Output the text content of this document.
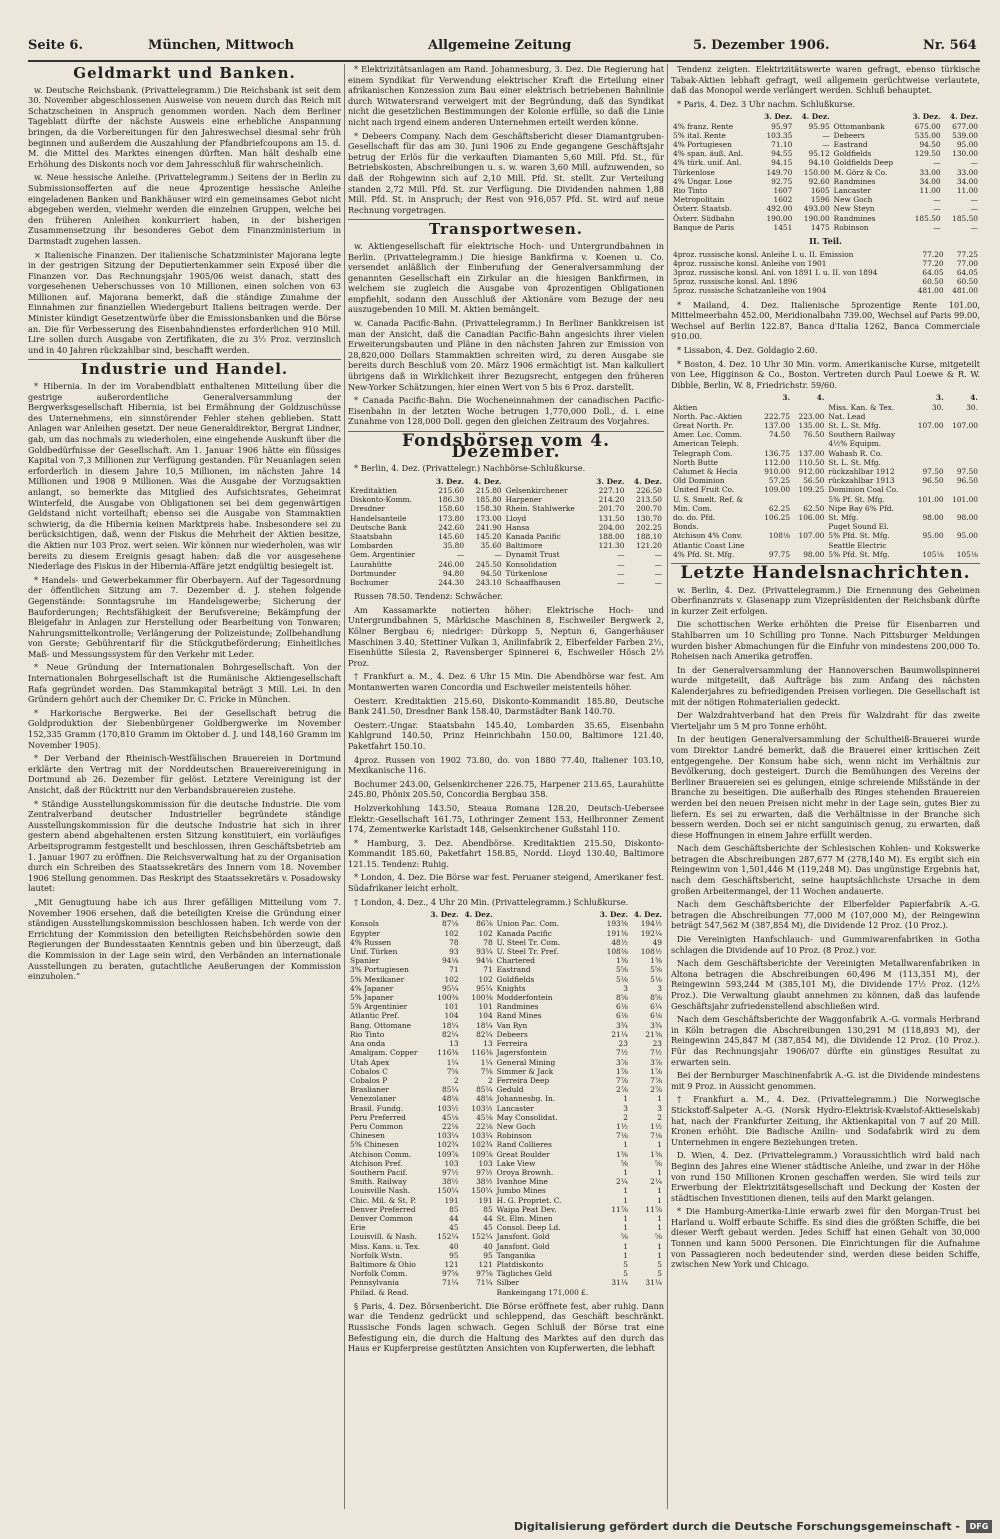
Seite 6.	München, Mittwoch	Allgemeine Zeitung	5. Dezember 1906.	Nr. 564
Geldmarkt und Banken.

w. Deutsche Reichsbank. (Privattelegramm.) Die Reichsbank ist seit dem 30. November abgeschlossenen Ausweise von neuem durch das Reich mit Schatzscheinen in Anspruch genommen worden. Nach dem Berliner Tageblatt dürfte der nächste Ausweis eine erhebliche Anspannung bringen, da die Vorbereitungen für den Jahreswechsel diesmal sehr früh beginnen und außerdem die Auszahlung der Pfandbriefcoupons am 15. d. M. die Mittel des Marktes einengen dürften. Man hält deshalb eine Erhöhung des Diskonts noch vor dem Jahresschluß für wahrscheinlich.

w. Neue hessische Anleihe. (Privattelegramm.) Seitens der in Berlin zu Submissionsofferten auf die neue 4prozentige hessische Anleihe eingeladenen Banken und Bankhäuser wird ein gemeinsames Gebot nicht abgegeben werden, vielmehr werden die einzelnen Gruppen, welche bei den früheren Anleihen konkurriert haben, in der bisherigen Zusammensetzung ihr besonderes Gebot dem Finanzministerium in Darmstadt zugehen lassen.

× Italienische Finanzen. Der italienische Schatzminister Majorana legte in der gestrigen Sitzung der Deputiertenkammer sein Exposé über die Finanzen vor. Das Rechnungsjahr 1905/06 weist danach, statt des vorgesehenen Ueberschusses von 10 Millionen, einen solchen von 63 Millionen auf. Majorana bemerkt, daß die ständige Zunahme der Einnahmen zur finanziellen Wiedergeburt Italiens beitragen werde. Der Minister kündigt Gesetzentwürfe über die Emissionsbanken und die Börse an. Die für Verbesserung des Eisenbahndienstes erforderlichen 910 Mill. Lire sollen durch Ausgabe von Zertifikaten, die zu 3½ Proz. verzinslich und in 40 Jahren rückzahlbar sind, beschafft werden.

Industrie und Handel.

* Hibernia. In der im Vorabendblatt enthaltenen Mitteilung über die gestrige außerordentliche Generalversammlung der Bergwerksgesellschaft Hibernia, ist bei Ermähnung der Goldzuschüsse des Unternehmens, ein sinnstörender Fehler stehen geblieben. Statt Anlagen war Anleihen gesetzt. Der neue Generaldirektor, Bergrat Lindner, gab, um das nochmals zu wiederholen, eine eingehende Auskunft über die Goldbedürfnisse der Gesellschaft. Am 1. Januar 1906 hätte ein flüssiges Kapital von 7,3 Millionen zur Verfügung gestanden. Für Neuanlagen seien erforderlich in diesem Jahre 10,5 Millionen, im nächsten Jahre 14 Millionen und 1908 9 Millionen. Was die Ausgabe der Vorzugsaktien anlangt, so bemerkte das Mitglied des Aufsichtsrates, Geheimrat Winterfeld, die Ausgabe von Obligationen sei bei dem gegenwärtigen Geldstand nicht vorteilhaft; ebenso sei die Ausgabe von Stammaktien schwierig, da die Hibernia keinen Marktpreis habe. Insbesondere sei zu berücksichtigen, daß, wenn der Fiskus die Mehrheit der Aktien besitze, die Aktien nur 103 Proz. wert seien. Wir können nur wiederholen, was wir bereits zu diesem Ereignis gesagt haben: daß die vor ausgesehene Niederlage des Fiskus in der Hibernia-Affäre jetzt endgültig besiegelt ist.

* Handels- und Gewerbekammer für Oberbayern. Auf der Tagesordnung der öffentlichen Sitzung am 7. Dezember d. J. stehen folgende Gegenstände: Sonntagsruhe im Handelsgewerbe; Sicherung der Bauforderungen; Rechtsfähigkeit der Berufsvereine; Bekämpfung der Bleigefahr in Anlagen zur Herstellung oder Bearbeitung von Tonwaren; Nahrungsmittelkontrolle; Verlängerung der Polizeistunde; Zollbehandlung von Gerste; Gebührentarif für die Stückgutbeförderung; Einheitliches Maß- und Messungssystem für den Verkehr mit Leder.

* Neue Gründung der Internationalen Bohrgesellschaft. Von der Internationalen Bohrgesellschaft ist die Rumänische Aktiengesellschaft Rafa gegründet worden. Das Stammkapital beträgt 3 Mill. Lei. In den Gründern gehört auch der Chemiker Dr. C. Fricke in München.

* Harkorische Bergwerke. Bei der Gesellschaft betrug die Goldproduktion der Siebenbürgener Goldbergwerke im November 152,335 Gramm (170,810 Gramm im Oktober d. J. und 148,160 Gramm im November 1905).

* Der Verband der Rheinisch-Westfälischen Brauereien in Dortmund erklärte den Vertrag mit der Norddeutschen Brauereivereinigung in Dortmund ab 26. Dezember für gelöst. Letztere Vereinigung ist der Ansicht, daß der Rücktritt nur den Verbandsbrauereien zustehe.

* Ständige Ausstellungskommission für die deutsche Industrie. Die vom Zentralverband deutscher Industrieller begründete ständige Ausstellungskommission für die deutsche Industrie hat sich in ihrer gestern abend abgehaltenen ersten Sitzung konstituiert, ein vorläufiges Arbeitsprogramm festgestellt und beschlossen, ihren Geschäftsbetrieb am 1. Januar 1907 zu eröffnen. Die Reichsverwaltung hat zu der Organisation durch ein Schreiben des Staatssekretärs des Innern vom 18. November 1906 Stellung genommen. Das Reskript des Staatssekretärs v. Posadowsky lautet:

„Mit Genugtuung habe ich aus Ihrer gefälligen Mitteilung vom 7. November 1906 ersehen, daß die beteiligten Kreise die Gründung einer ständigen Ausstellungskommission beschlossen haben. Ich werde von der Errichtung der Kommission den beteiligten Reichsbehörden sowie den Regierungen der Bundesstaaten Kenntnis geben und bin überzeugt, daß die Kommission in der Lage sein wird, den Verbänden an internationale Ausstellungen zu beraten, gutachtliche Aeußerungen der Kommission einzuholen.“

* Elektrizitätsanlagen am Rand. Johannesburg, 3. Dez. Die Regierung hat einem Syndikat für Verwendung elektrischer Kraft die Erteilung einer afrikanischen Konzession zum Bau einer elektrisch betriebenen Bahnlinie durch Witwatersrand verweigert mit der Begründung, daß das Syndikat nicht die gesetzlichen Bestimmungen der Kolonie erfülle, so daß die Linie nicht nach irgend einem anderen Unternehmen erteilt werden könne.

* Debeers Company. Nach dem Geschäftsbericht dieser Diamantgruben-Gesellschaft für das am 30. Juni 1906 zu Ende gegangene Geschäftsjahr betrug der Erlös für die verkauften Diamanten 5,60 Mill. Pfd. St., für Betriebskosten, Abschreibungen u. s. w. waren 3,60 Mill. aufzuwenden, so daß der Rohgewinn sich auf 2,10 Mill. Pfd. St. stellt. Zur Verteilung standen 2,72 Mill. Pfd. St. zur Verfügung. Die Dividenden nahmen 1,88 Mill. Pfd. St. in Anspruch; der Rest von 916,057 Pfd. St. wird auf neue Rechnung vorgetragen.

Transportwesen.

w. Aktiengesellschaft für elektrische Hoch- und Untergrundbahnen in Berlin. (Privattelegramm.) Die hiesige Bankfirma v. Koenen u. Co. versendet anläßlich der Einberufung der Generalversammlung der genannten Gesellschaft ein Zirkular an die hiesigen Bankfirmen, in welchem sie zugleich die Ausgabe von 4prozentigen Obligationen empfiehlt, sodann den Ausschluß der Aktionäre vom Bezuge der neu auszugebenden 10 Mill. M. Aktien bemängelt.

w. Canada Pacific-Bahn. (Privattelegramm.) In Berliner Bankkreisen ist man der Ansicht, daß die Canadian Pacific-Bahn angesichts ihrer vielen Erweiterungsbauten und Pläne in den nächsten Jahren zur Emission von 28,820,000 Dollars Stammaktien schreiten wird, zu deren Ausgabe sie bereits durch Beschluß vom 20. März 1906 ermächtigt ist. Man kalkuliert übrigens daß in Wirklichkeit ihrer Bezugsrecht, entgegen den früheren New-Yorker Schätzungen, hier einen Wert von 5 bis 6 Proz. darstellt.

* Canada Pacific-Bahn. Die Wocheneinnahmen der canadischen Pacific-Eisenbahn in der letzten Woche betrugen 1,770,000 Doll., d. i. eine Zunahme von 128,000 Doll. gegen den gleichen Zeitraum des Vorjahres.

Fondsbörsen vom 4. Dezember.

* Berlin, 4. Dez. (Privattelegr.) Nachbörse-Schlußkurse.

	3. Dez.	4. Dez.		3. Dez.	4. Dez.
Kreditaktien	215.60	215.80	Gelsenkirchener	227.10	226.50
Diskonto-Komm.	186.30	185.80	Harpener	214.20	213.50
Dresdner	158.60	158.30	Rhein. Stahlwerke	201.70	200.70
Handelsanteile	173.80	173.00	Lloyd	131.50	130.70
Deutsche Bank	242.60	241.90	Hansa	204.00	202.25
Staatsbahn	145.60	145.20	Kanada Pacific	188.00	188.10
Lombarden	35.80	35.60	Baltimore	121.30	121.20
Gem. Argentinier	—	—	Dynamit Trust	—	—
Laurahütte	246.00	245.50	Konsolidation	—	—
Dortmunder	94.80	94.50	Türkenlose	—	—
Bochumer	244.30	243.10	Schaaffhausen	—	—

Russen 78.50. Tendenz: Schwächer.

Am Kassamarkte notierten höher: Elektrische Hoch- und Untergrundbahnen 5, Märkische Maschinen 8, Eschweiler Bergwerk 2, Kölner Bergbau 6; niedriger: Dürkopp 5, Neptun 6, Gangerhäuser Maschinen 3.40, Stettiner Vulkan 3, Anilinfabrik 2, Elberfelder Farben 2½, Eisenhütte Silesia 2, Ravensberger Spinnerei 6, Eschweiler Hösch 2½ Proz.

† Frankfurt a. M., 4. Dez. 6 Uhr 15 Min. Die Abendbörse war fest. Am Montanwerten waren Concordia und Eschweiler meistenteils höher.

Oesterr. Kreditaktien 215.60, Diskonto-Kommandit 185.80, Deutsche Bank 241.50, Dresdner Bank 158.40, Darmstädter Bank 140.70.

Oesterr.-Ungar. Staatsbahn 145.40, Lombarden 35.65, Eisenbahn Kahlgrund 140.50, Prinz Heinrichbahn 150.00, Baltimore 121.40, Paketfahrt 150.10.

4proz. Russen von 1902 73.80, do. von 1880 77.40, Italiener 103.10, Mexikanische 116.

Bochumer 243.00, Gelsenkirchener 226.75, Harpener 213.65, Laurahütte 245.80, Phönix 205.50, Concordia Bergbau 358.

Holzverkohlung 143.50, Steaua Romana 128.20, Deutsch-Uebersee Elektr.-Gesellschaft 161.75, Lothringer Zement 153, Heilbronner Zement 174, Zementwerke Karlstadt 148, Gelsenkirchener Gußstahl 110.

* Hamburg, 3. Dez. Abendbörse. Kreditaktien 215.50, Diskonto-Kommandit 185.60, Paketfahrt 158.85, Nordd. Lloyd 130.40, Baltimore 121.15. Tendenz: Ruhig.

* London, 4. Dez. Die Börse war fest. Peruaner steigend, Amerikaner fest. Südafrikaner leicht erholt.

† London, 4. Dez., 4 Uhr 20 Min. (Privattelegramm.) Schlußkurse.

	3. Dez.	4. Dez.		3. Dez.	4. Dez.
Konsols	87⅛	86⅞	Union Pac. Com.	193⅜	194½
Egypter	102	102	Kanada Pacific	191⅜	192¼
4% Russen	78	78	U. Steel Tr. Com.	48½	49
Unif. Türken	93	93¼	U. Steel Tr. Pref.	108⅜	108½
Spanier	94⅛	94⅛	Chartered	1⅜	1⅜
3% Portugiesen	71	71	Eastrand	5⅝	5⅝
5% Mexikaner	102	102	Goldfields	5⅛	5⅛
4% Japaner	95¼	95¼	Knights	3	3
5% Japaner	100⅜	100⅜	Modderfontein	8⅝	8⅝
5% Argentinier	101	101	Randmines	6⅛	6¼
Atlantic Pref.	104	104	Rand Mines	6⅛	6⅛
Bang. Ottomane	18¼	18¼	Van Ryn	3¾	3¾
Rio Tinto	82¼	82¼	Debeers	21¼	21⅜
Ana onda	13	13	Ferreira	23	23
Amalgam. Copper	116⅜	116⅜	Jagersfontein	7½	7½
Utah Apex	1¼	1¼	General Mining	3⅞	3⅞
Cobalos C	7⅝	7⅝	Simmer & Jack	1⅞	1⅞
Cobalos P	2	2	Ferreira Deep	7⅞	7⅞
Braslianer	85¼	85¼	Geduld	2⅞	2⅞
Venezolaner	48⅛	48⅛	Johannesbg. In.	1	1
Brasil. Fundg.	103½	103½	Lancaster	3	3
Peru Preferred	45⅛	45⅛	May Consolidat.	2	2
Peru Common	22⅛	22⅛	New Goch	1½	1½
Chinesen	103¼	103¼	Robinson	7⅛	7⅛
5% Chinesen	102¾	102¾	Rand Collieres	1	1
Atchison Comm.	109⅞	109⅞	Great Boulder	1⅜	1⅜
Atchison Pref.	103	103	Lake View	⅝	⅝
Southern Pacif.	97½	97½	Oroya Brownh.	1	1
Smith. Railway	38½	38½	Ivanhoe Mine	2¼	2¼
Louisville Nash.	150¼	150¼	Jumbo Mines	1	1
Chic. Mil. & St. P.	191	191	H. G. Propriet. C.	1	1
Denver Preferred	85	85	Waipa Peat Dev.	11⅞	11⅞
Denver Common	44	44	St. Elm. Minen	1	1
Erie	45	45	Consol. Deep Ld.	1	1
Louisvill. & Nash.	152¼	152¼	Jansfont. Gold	⅝	⅝
Miss. Kans. u. Tex.	40	40	Jansfont. Gold	1	1
Norfolk Wstn.	95	95	Tanganika	1	1
Baltimore & Ohio	121	121	Platdiskonto	5	5
Norfolk Comm.	97⅝	97⅝	Tägliches Geld	5	5
Pennsylvania	71¼	71¼	Silber	31¼	31¼
Philad. & Read.			Bankeingang 171,000 £.		

§ Paris, 4. Dez. Börsenbericht. Die Börse eröffnete fest, aber ruhig. Dann war die Tendenz gedrückt und schleppend, das Geschäft beschränkt. Russische Fonds lagen schwach. Gegen Schluß der Börse trat eine Befestigung ein, die durch die Haltung des Marktes auf den durch das Haus er Kupferpreise gestützten Ansichten von Kupferwerten, die lebhaft

Tendenz zeigten. Elektrizitätswerte waren gefragt, ebenso türkische Tabak-Aktien lebhaft gefragt, weil allgemein gerüchtweise verlautete, daß das Monopol werde verlängert werden. Schluß behauptet.

* Paris, 4. Dez. 3 Uhr nachm. Schlußkurse.

	3. Dez.	4. Dez.		3. Dez.	4. Dez.
4% franz. Rente	95.97	95.95	Ottomanbank	675.00	677.00
5% ital. Rente	103.35	—	Debeers	535.00	539.00
4% Portugiesen	71.10	—	Eastrand	94.50	95.00
4% span. äuß. Anl.	94.55	95.12	Goldfields	129.50	130.00
4% türk. unif. Anl.	94.15	94.10	Goldfields Deep	—	—
Türkenlose	149.70	150.00	M. Görz & Co.	33.00	33.00
4% Ungar. Lose	92.75	92.60	Randmines	34.00	34.00
Rio Tinto	1607	1605	Lancaster	11.00	11.00
Metropolitain	1602	1596	New Goch	—	—
Österr. Staatsb.	492.00	493.00	New Steyn	—	—
Österr. Südbahn	190.00	190.00	Randmines	185.50	185.50
Banque de Paris	1451	1475	Robinson	—	—

II. Teil.

4proz. russische konsl. Anleihe I. u. II. Emission	77.20	77.25
4proz. russische konsl. Anleihe von 1901	77.20	77.00
3proz. russische konsl. Anl. von 1891 I. u. II. von 1894	64.05	64.05
5proz. russische konsl. Anl. 1896	60.50	60.50
5proz. russische Schatzanleihe von 1904	481.00	481.00

* Mailand, 4. Dez. Italienische 5prozentige Rente 101.00, Mittelmeerbahn 452.00, Meridionalbahn 739.00, Wechsel auf Paris 99.00, Wechsel auf Berlin 122.87, Banca d'Italia 1262, Banca Commerciale 910.00.

* Lissabon, 4. Dez. Goldagio 2.60.

* Boston, 4. Dez. 10 Uhr 30 Min. vorm. Amerikanische Kurse, mitgeteilt von Lee, Higginson & Co., Boston. Vertreten durch Paul Loewe & R. W. Dibble, Berlin, W. 8, Friedrichstr. 59/60.

	3.	4.		3.	4.
Aktien			Miss. Kan. & Tex.	30.	30.
North. Pac.-Aktien	222.75	223.00	Nat. Lead		
Great North. Pr.	137.00	135.00	St. L. St. Mfg.	107.00	107.00
Amer. Loc. Comm.	74.50	76.50	Southern Railway		
American Teleph.			4½% Equipm.		
Telegraph Com.	136.75	137.00	Wabash R. Co.		
North Butte	112.00	110.50	St. L. St. Mfg.		
Calumet & Hecla	910.00	912.00	rückzahlbar 1912	97.50	97.50
Old Dominion	57.25	56.50	rückzahlbar 1913	96.50	96.50
United Fruit Co.	109.00	109.25	Dominion Coal Co.		
U. S. Smelt. Ref. &			5% Pf. St. Mfg.	101.00	101.00
Min. Com.	62.25	62.50	Nipe Bay 6% Pfd.		
do. do. Pfd.	106.25	106.00	St. Mfg.	98.00	98.00
Bonds.			Puget Sound El.		
Atchison 4% Conv.	108⅛	107.00	5% Pfd. St. Mfg.	95.00	95.00
Atlantic Coast Line			Seattle Electric		
4% Pfd. St. Mfg.	97.75	98.00	5% Pfd. St. Mfg.	105⅛	105⅛
Letzte Handelsnachrichten.

w. Berlin, 4. Dez. (Privattelegramm.) Die Ernennung des Geheimen Oberfinanzrats v. Glasenapp zum Vizepräsidenten der Reichsbank dürfte in kurzer Zeit erfolgen.

Die schottischen Werke erhöhten die Preise für Eisenbarren und Stahlbarren um 10 Schilling pro Tonne. Nach Pittsburger Meldungen wurden bisher Abmachungen für die Einfuhr von mindestens 200,000 To. Roheisen nach Amerika getroffen.

In der Generalversammlung der Hannoverschen Baumwollspinnerei wurde mitgeteilt, daß Aufträge bis zum Anfang des nächsten Kalenderjahres zu befriedigenden Preisen vorliegen. Die Gesellschaft ist mit der nötigen Rohmaterialien gedeckt.

Der Walzdrahtverband hat den Preis für Walzdraht für das zweite Vierteljahr um 5 M pro Tonne erhöht.

In der heutigen Generalversammlung der Schultheiß-Brauerei wurde vom Direktor Landré bemerkt, daß die Brauerei einer kritischen Zeit entgegengehe. Der Konsum habe sich, wenn nicht im Verhältnis zur Bevölkerung, doch gesteigert. Durch die Bemühungen des Vereins der Berliner Brauereien sei es gelungen, einige schreiende Mißstände in der Branche zu beseitigen. Die außerhalb des Ringes stehenden Brauereien werden bei den neuen Preisen nicht mehr in der Lage sein, gutes Bier zu liefern. Es sei zu erwarten, daß die Verhältnisse in der Branche sich bessern werden. Doch sei er nicht sanguinisch genug, zu erwarten, daß diese Hoffnungen in einem Jahre erfüllt werden.

Nach dem Geschäftsberichte der Schlesischen Kohlen- und Kokswerke betragen die Abschreibungen 287,677 M (278,140 M). Es ergibt sich ein Reingewinn von 1,501,446 M (119,248 M). Das ungünstige Ergebnis hat, nach dem Geschäftsbericht, seine hauptsächlichste Ursache in dem großen Arbeitermangel, der 11 Wochen andauerte.

Nach dem Geschäftsberichte der Elberfelder Papierfabrik A.-G. betragen die Abschreibungen 77,000 M (107,000 M), der Reingewinn beträgt 547,562 M (387,854 M), die Dividende 12 Proz. (10 Proz.).

Die Vereinigten Hanfschlauch- und Gummiwarenfabriken in Gotha schlagen die Dividende auf 10 Proz. (8 Proz.) vor.

Nach dem Geschäftsberichte der Vereinigten Metallwarenfabriken in Altona betragen die Abschreibungen 60,496 M (113,351 M), der Reingewinn 593,244 M (385,101 M), die Dividende 17½ Proz. (12½ Proz.). Die Verwaltung glaubt annehmen zu können, daß das laufende Geschäftsjahr zufriedenstellend abschließen wird.

Nach dem Geschäftsberichte der Waggonfabrik A.-G. vormals Herbrand in Köln betragen die Abschreibungen 130,291 M (118,893 M), der Reingewinn 245,847 M (387,854 M), die Dividende 12 Proz. (10 Proz.). Für das Rechnungsjahr 1906/07 dürfte ein günstiges Resultat zu erwarten sein.

Bei der Bernburger Maschinenfabrik A.-G. ist die Dividende mindestens mit 9 Proz. in Aussicht genommen.

† Frankfurt a. M., 4. Dez. (Privattelegramm.) Die Norwegische Stickstoff-Salpeter A.-G. (Norsk Hydro-Elektrisk-Kvælstof-Aktieselskab) hat, nach der Frankfurter Zeitung, ihr Aktienkapital von 7 auf 20 Mill. Kronen erhöht. Die Badische Anilin- und Sodafabrik wird zu dem Unternehmen in engere Beziehungen treten.

D. Wien, 4. Dez. (Privattelegramm.) Voraussichtlich wird bald nach Beginn des Jahres eine Wiener städtische Anleihe, und zwar in der Höhe von rund 150 Millionen Kronen geschaffen werden. Sie wird teils zur Erwerbung der Elektrizitätsgesellschaft und Deckung der Kosten der städtischen Investitionen dienen, teils auf den Markt gelangen.

* Die Hamburg-Amerika-Linie erwarb zwei für den Morgan-Trust bei Harland u. Wolff erbaute Schiffe. Es sind dies die größten Schiffe, die bei dieser Werft gebaut werden. Jedes Schiff hat einen Gehalt von 30,000 Tonnen und kann 5000 Personen. Die Einrichtungen für die Aufnahme von Passagieren noch bedeutender sind, werden diese beiden Schiffe, zwischen New York und Chicago.

Digitalisierung gefördert durch die Deutsche Forschungsgemeinschaft -	DFG
